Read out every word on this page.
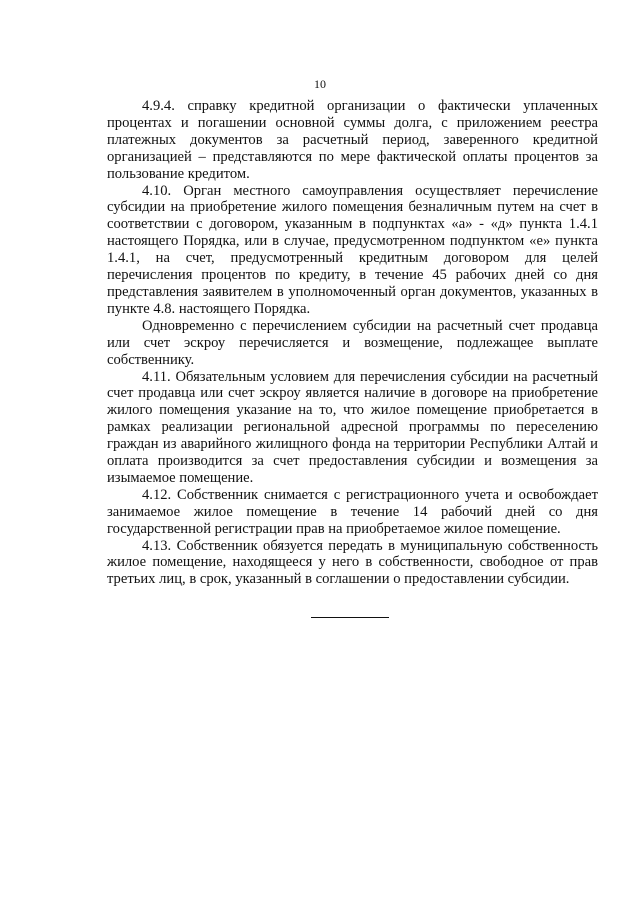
10

4.9.4. справку кредитной организации о фактически уплаченных процентах и погашении основной суммы долга, с приложением реестра платежных документов за расчетный период, заверенного кредитной организацией – представляются по мере фактической оплаты процентов за пользование кредитом.

4.10. Орган местного самоуправления осуществляет перечисление субсидии на приобретение жилого помещения безналичным путем на счет в соответствии с договором, указанным в подпунктах «а» - «д» пункта 1.4.1 настоящего Порядка, или в случае, предусмотренном подпунктом «е» пункта 1.4.1, на счет, предусмотренный кредитным договором для целей перечисления процентов по кредиту, в течение 45 рабочих дней со дня представления заявителем в уполномоченный орган документов, указанных в пункте 4.8. настоящего Порядка.

Одновременно с перечислением субсидии на расчетный счет продавца или счет эскроу перечисляется и возмещение, подлежащее выплате собственнику.

4.11. Обязательным условием для перечисления субсидии на расчетный счет продавца или счет эскроу является наличие в договоре на приобретение жилого помещения указание на то, что жилое помещение приобретается в рамках реализации региональной адресной программы по переселению граждан из аварийного жилищного фонда на территории Республики Алтай и оплата производится за счет предоставления субсидии и возмещения за изымаемое помещение.

4.12. Собственник снимается с регистрационного учета и освобождает занимаемое жилое помещение в течение 14 рабочий дней со дня государственной регистрации прав на приобретаемое жилое помещение.

4.13. Собственник обязуется передать в муниципальную собственность жилое помещение, находящееся у него в собственности, свободное от прав третьих лиц, в срок, указанный в соглашении о предоставлении субсидии.
